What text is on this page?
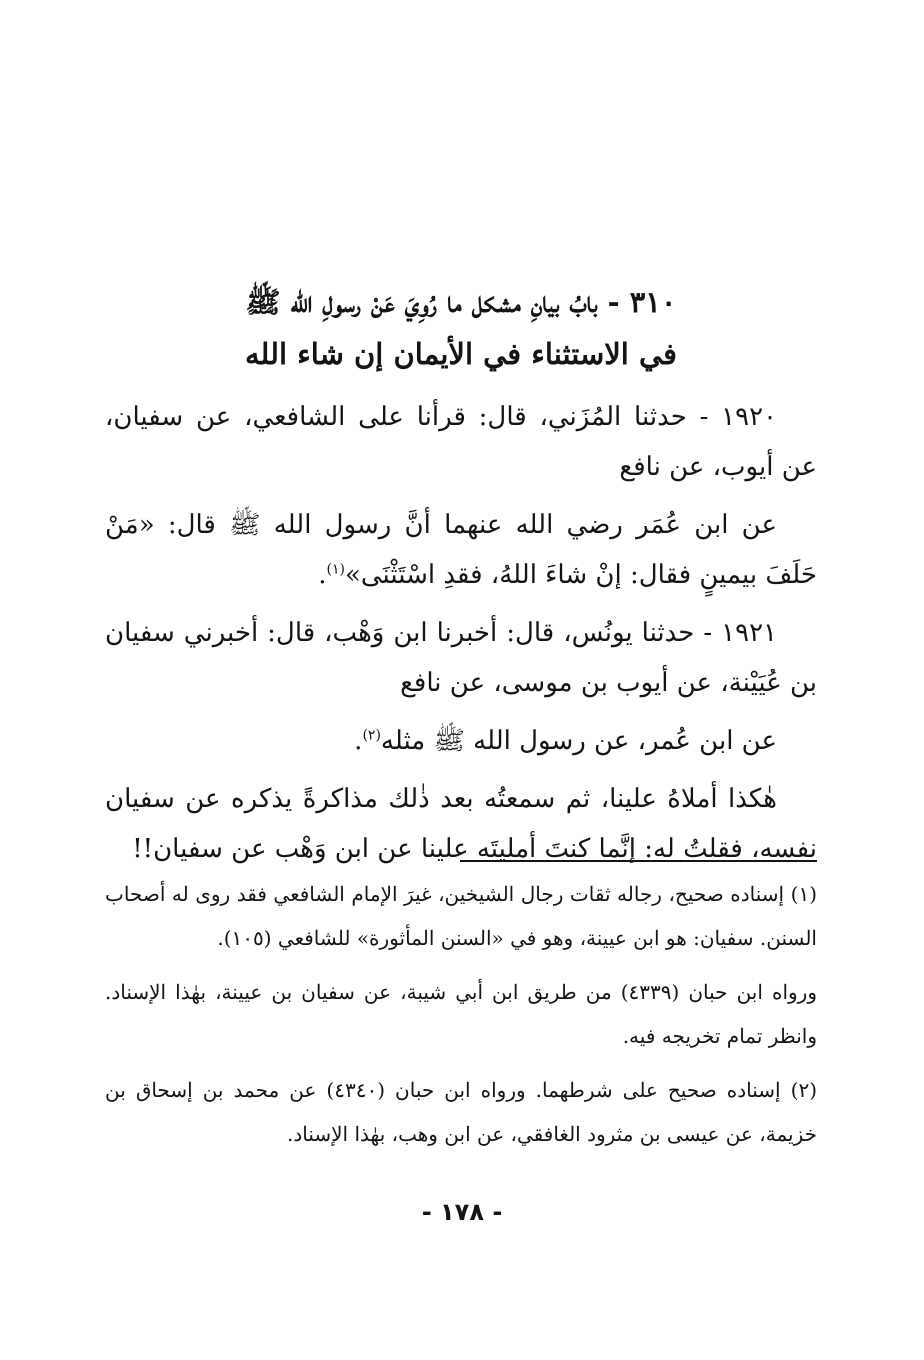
٣١٠ - بابُ بيانِ مشكل ما رُوِيَ عَنْ رسولِ الله ﷺ
في الاستثناء في الأيمان إن شاء الله

١٩٢٠ - حدثنا المُزَني، قال: قرأنا على الشافعي، عن سفيان، عن أيوب، عن نافع

عن ابن عُمَر رضي الله عنهما أنَّ رسول الله ﷺ قال: «مَنْ حَلَفَ بيمينٍ فقال: إنْ شاءَ اللهُ، فقدِ اسْتَثْنَى»$^{(١)}$.

١٩٢١ - حدثنا يونُس، قال: أخبرنا ابن وَهْب، قال: أخبرني سفيان بن عُيَيْنة، عن أيوب بن موسى، عن نافع

عن ابن عُمر، عن رسول الله ﷺ مثله$^{(٢)}$.

هٰكذا أملاهُ علينا، ثم سمعتُه بعد ذٰلك مذاكرةً يذكره عن سفيان نفسه، فقلتُ له: إنَّما كنتَ أمليتَه علينا عن ابن وَهْب عن سفيان!!

(١) إسناده صحيح، رجاله ثقات رجال الشيخين، غيرَ الإمام الشافعي فقد روى له أصحاب السنن. سفيان: هو ابن عيينة، وهو في «السنن المأثورة» للشافعي (١٠٥).

ورواه ابن حبان (٤٣٣٩) من طريق ابن أبي شيبة، عن سفيان بن عيينة، بهٰذا الإسناد. وانظر تمام تخريجه فيه.

(٢) إسناده صحيح على شرطهما. ورواه ابن حبان (٤٣٤٠) عن محمد بن إسحاق بن خزيمة، عن عيسى بن مثرود الغافقي، عن ابن وهب، بهٰذا الإسناد.

- ١٧٨ -
